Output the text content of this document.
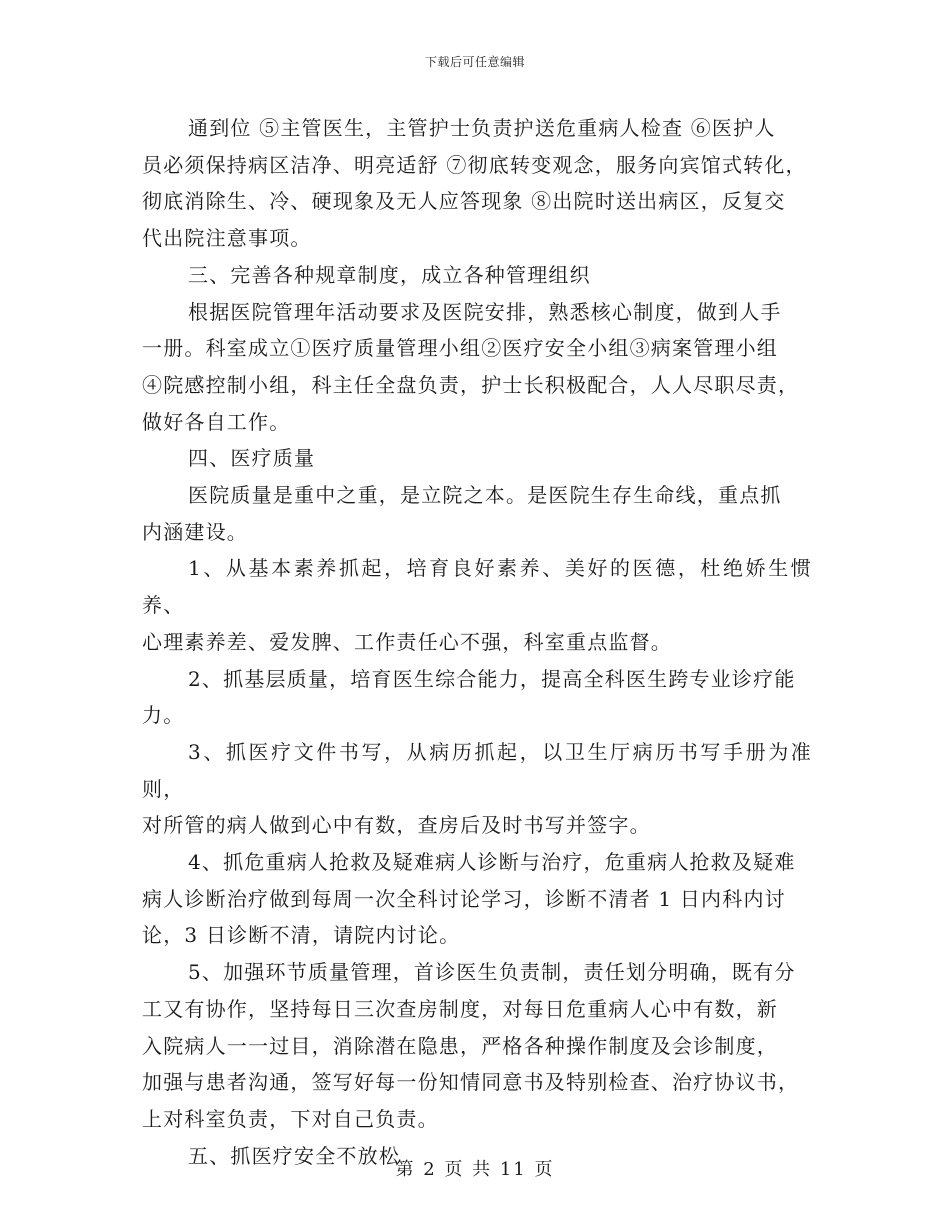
下载后可任意编辑
通到位 ⑤主管医生，主管护士负责护送危重病人检查 ⑥医护人
员必须保持病区洁净、明亮适舒 ⑦彻底转变观念，服务向宾馆式转化，
彻底消除生、冷、硬现象及无人应答现象 ⑧出院时送出病区，反复交
代出院注意事项。
三、完善各种规章制度，成立各种管理组织
根据医院管理年活动要求及医院安排，熟悉核心制度，做到人手
一册。科室成立①医疗质量管理小组②医疗安全小组③病案管理小组
④院感控制小组，科主任全盘负责，护士长积极配合，人人尽职尽责，
做好各自工作。
四、医疗质量
医院质量是重中之重，是立院之本。是医院生存生命线，重点抓
内涵建设。
1、从基本素养抓起，培育良好素养、美好的医德，杜绝娇生惯养、
心理素养差、爱发脾、工作责任心不强，科室重点监督。
2、抓基层质量，培育医生综合能力，提高全科医生跨专业诊疗能
力。
3、抓医疗文件书写，从病历抓起，以卫生厅病历书写手册为准则，
对所管的病人做到心中有数，查房后及时书写并签字。
4、抓危重病人抢救及疑难病人诊断与治疗，危重病人抢救及疑难
病人诊断治疗做到每周一次全科讨论学习，诊断不清者 1 日内科内讨
论，3 日诊断不清，请院内讨论。
5、加强环节质量管理，首诊医生负责制，责任划分明确，既有分
工又有协作，坚持每日三次查房制度，对每日危重病人心中有数，新
入院病人一一过目，消除潜在隐患，严格各种操作制度及会诊制度，
加强与患者沟通，签写好每一份知情同意书及特别检查、治疗协议书，
上对科室负责，下对自己负责。
五、抓医疗安全不放松
第 2 页 共 11 页
